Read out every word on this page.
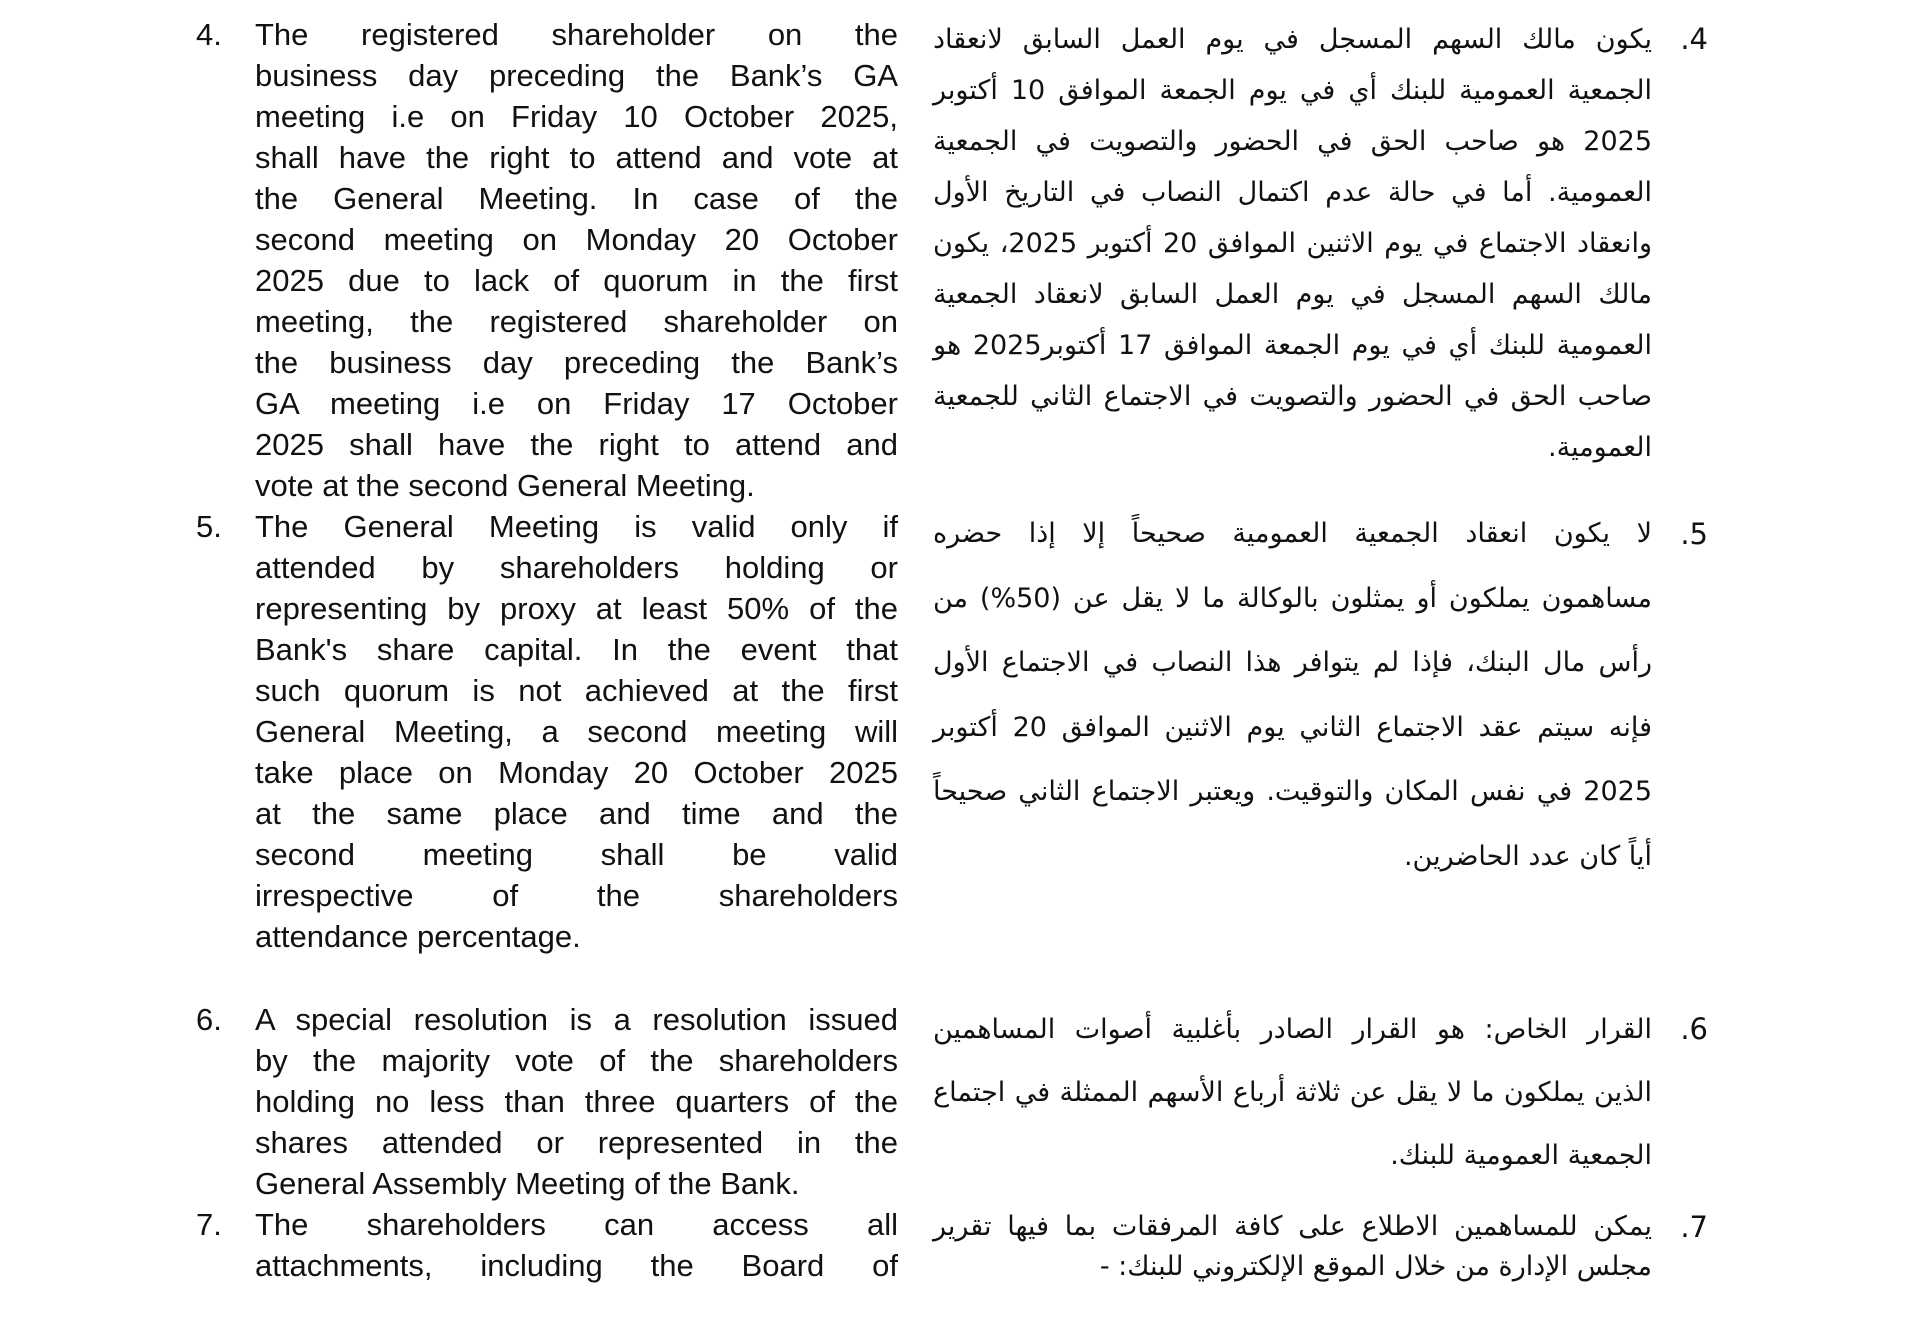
4. The registered shareholder on the
business day preceding the Bank’s GA
meeting i.e on Friday 10 October 2025,
shall have the right to attend and vote at
the General Meeting. In case of the
second meeting on Monday 20 October
2025 due to lack of quorum in the first
meeting, the registered shareholder on
the business day preceding the Bank’s
GA meeting i.e on Friday 17 October
2025 shall have the right to attend and
vote at the second General Meeting.
5. The General Meeting is valid only if
attended by shareholders holding or
representing by proxy at least 50% of the
Bank's share capital. In the event that
such quorum is not achieved at the first
General Meeting, a second meeting will
take place on Monday 20 October 2025
at the same place and time and the
second meeting shall be valid
irrespective of the shareholders
attendance percentage.
6. A special resolution is a resolution issued
by the majority vote of the shareholders
holding no less than three quarters of the
shares attended or represented in the
General Assembly Meeting of the Bank.
7. The shareholders can access all
attachments, including the Board of
.4
يكون مالك السهم المسجل في يوم العمل السابق لانعقاد
الجمعية العمومية للبنك أي في يوم الجمعة الموافق 10 أكتوبر
2025 هو صاحب الحق في الحضور والتصويت في الجمعية
العمومية. أما في حالة عدم اكتمال النصاب في التاريخ الأول
وانعقاد الاجتماع في يوم الاثنين الموافق 20 أكتوبر 2025، يكون
مالك السهم المسجل في يوم العمل السابق لانعقاد الجمعية
العمومية للبنك أي في يوم الجمعة الموافق 17 أكتوبر2025 هو
صاحب الحق في الحضور والتصويت في الاجتماع الثاني للجمعية
العمومية.
.5
لا يكون انعقاد الجمعية العمومية صحيحاً إلا إذا حضره
مساهمون يملكون أو يمثلون بالوكالة ما لا يقل عن (50%) من
رأس مال البنك، فإذا لم يتوافر هذا النصاب في الاجتماع الأول
فإنه سيتم عقد الاجتماع الثاني يوم الاثنين الموافق 20 أكتوبر
2025 في نفس المكان والتوقيت. ويعتبر الاجتماع الثاني صحيحاً
أياً كان عدد الحاضرين.
.6
القرار الخاص: هو القرار الصادر بأغلبية أصوات المساهمين
الذين يملكون ما لا يقل عن ثلاثة أرباع الأسهم الممثلة في اجتماع
الجمعية العمومية للبنك.
.7
يمكن للمساهمين الاطلاع على كافة المرفقات بما فيها تقرير
مجلس الإدارة من خلال الموقع الإلكتروني للبنك: -
